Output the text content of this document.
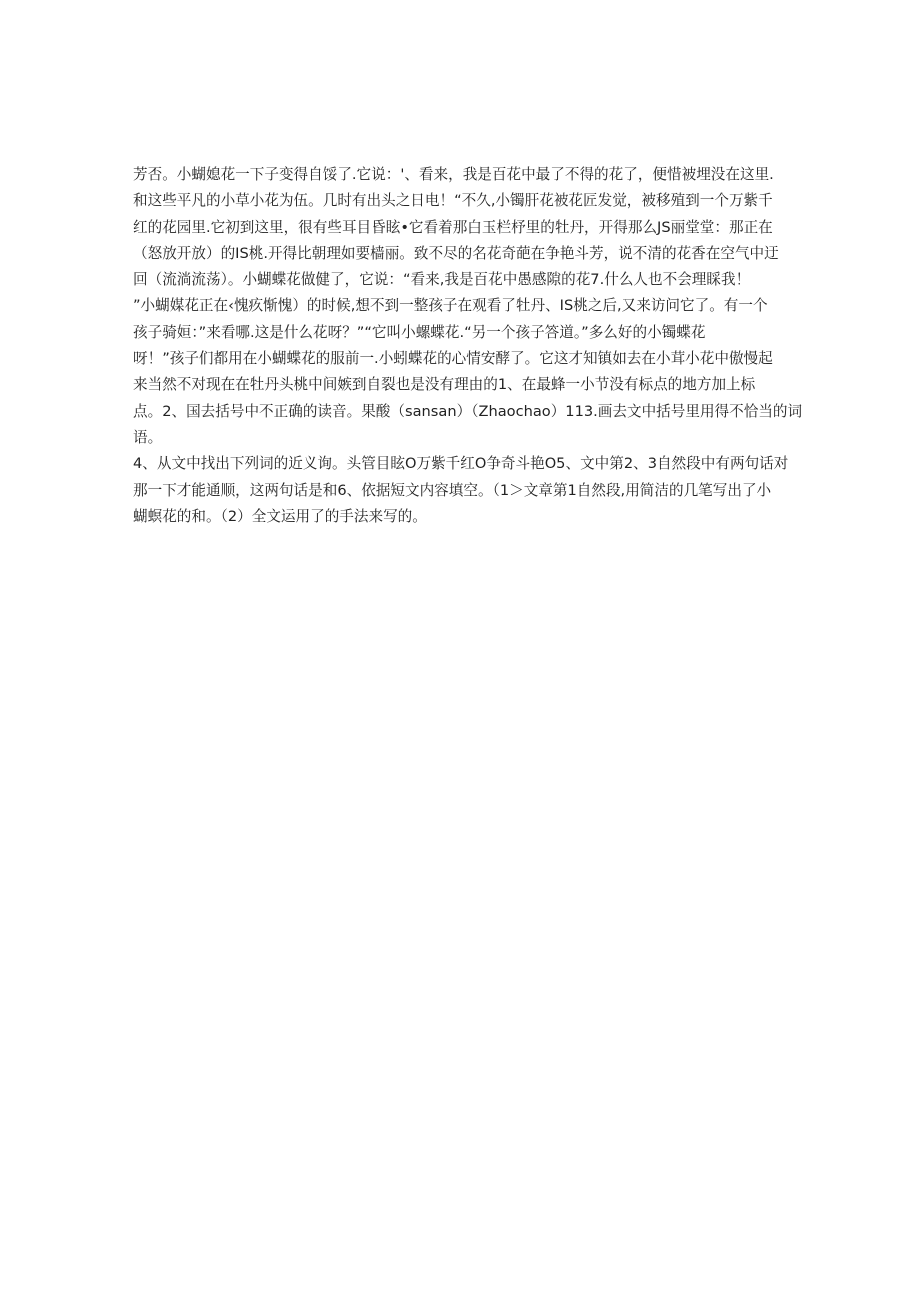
芳否。小蝴媳花一下子变得自馁了.它说：'、看来，我是百花中最了不得的花了，便惜被埋没在这里.
和这些平凡的小草小花为伍。几时有出头之日电！“不久,小镯肝花被花匠发觉，被移殖到一个万紫千
红的花园里.它初到这里，很有些耳目昏眩•它看着那白玉栏杼里的牡丹，开得那么JS丽堂堂：那正在
（怒放开放）的IS桃.开得比朝理如要樯丽。致不尽的名花奇葩在争艳斗芳，说不清的花香在空气中迂
回（流淌流荡）。小蝴蝶花做健了，它说：“看来,我是百花中愚感隙的花7.什么人也不会理睬我！
”小蝴媒花正在‹愧疚惭愧）的时候,想不到一整孩子在观看了牡丹、IS桃之后,又来访问它了。有一个
孩子骑姮：”来看哪.这是什么花呀？”“它叫小螺蝶花.“另一个孩子答道。”多么好的小镯蝶花
呀！”孩子们都用在小蝴蝶花的服前一.小蚓蝶花的心情安酵了。它这才知镇如去在小茸小花中傲慢起
来当然不对现在在牡丹头桃中间嫉到自裂也是没有理由的1、在最蜂一小节没有标点的地方加上标
点。2、国去括号中不正确的读音。果酸（sansan）（Zhaochao）113.画去文中括号里用得不恰当的词
语。
4、从文中找出下列词的近义询。头管目眩O万紫千红O争奇斗艳O5、文中第2、3自然段中有两句话对
那一下才能通顺，这两句话是和6、依据短文内容填空。（1＞文章第1自然段,用简洁的几笔写出了小
蝴螟花的和。（2）全文运用了的手法来写的。
